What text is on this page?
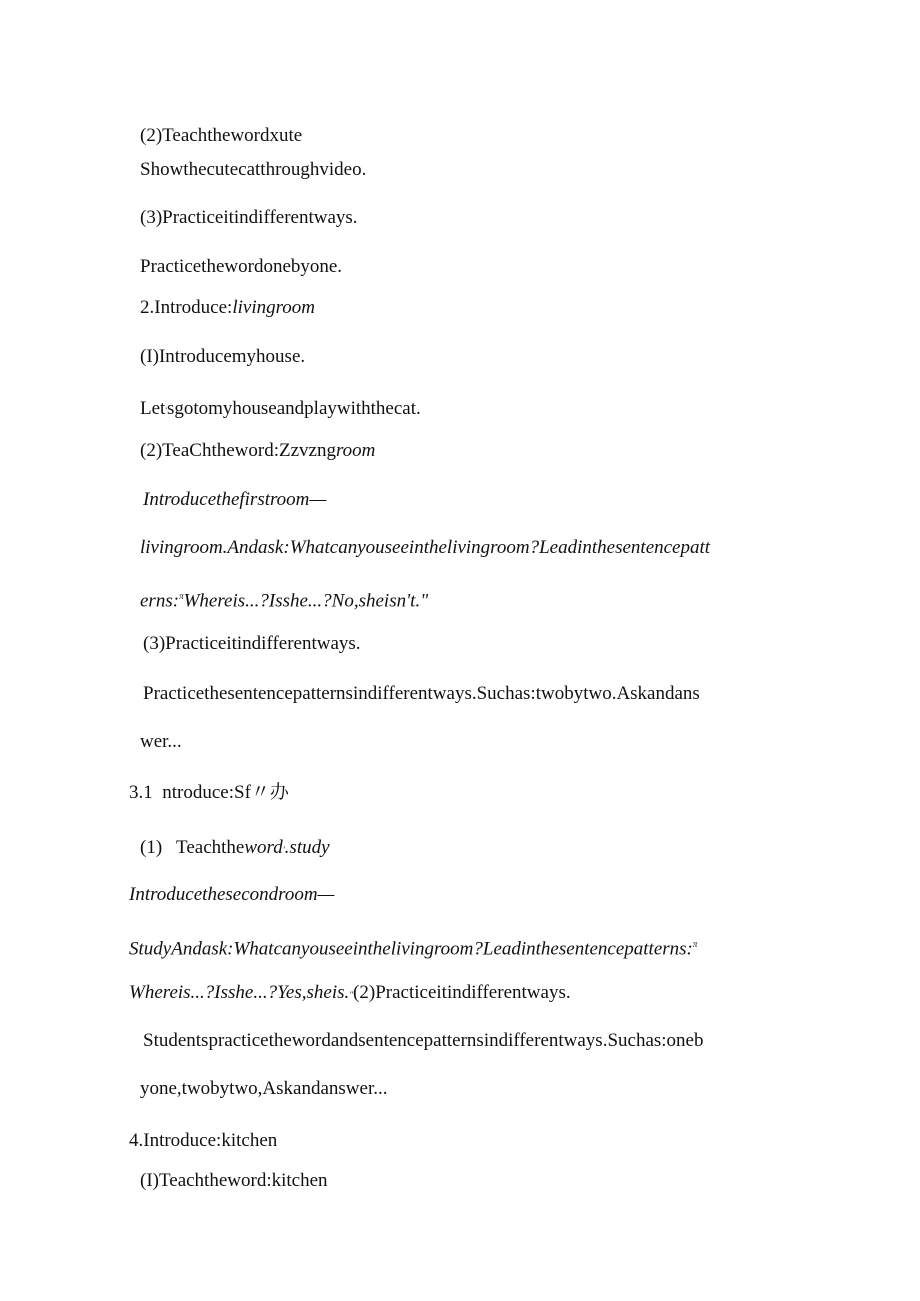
(2)Teachthewordxute
Showthecutecatthroughvideo.
(3)Practiceitindifferentways.
Practicethewordonebyone.
2.Introduce:livingroom
(I)Introducemyhouse.
Let'sgotomyhouseandplaywiththecat.
(2)TeaChtheword:Zzvzngroom
Introducethefirstroom—
livingroom.Andask:Whatcanyouseeinthelivingroom?Leadinthesentencepatt
erns:$^\pi$Whereis...?Isshe...?No,sheisn't."
(3)Practiceitindifferentways.
Practicethesentencepatternsindifferentways.Suchas:twobytwo.Askandans
wer...
3.1  ntroduce:Sf〃办
(1)   Teachtheword'.study
Introducethesecondroom—
StudyAndask:Whatcanyouseeinthelivingroom?Leadinthesentencepatterns:$^\pi$
Whereis...?Isshe...?Yes,sheis."(2)Practiceitindifferentways.
Studentspracticethewordandsentencepatternsindifferentways.Suchas:oneb
yone,twobytwo,Askandanswer...
4.Introduce:kitchen
(I)Teachtheword:kitchen
